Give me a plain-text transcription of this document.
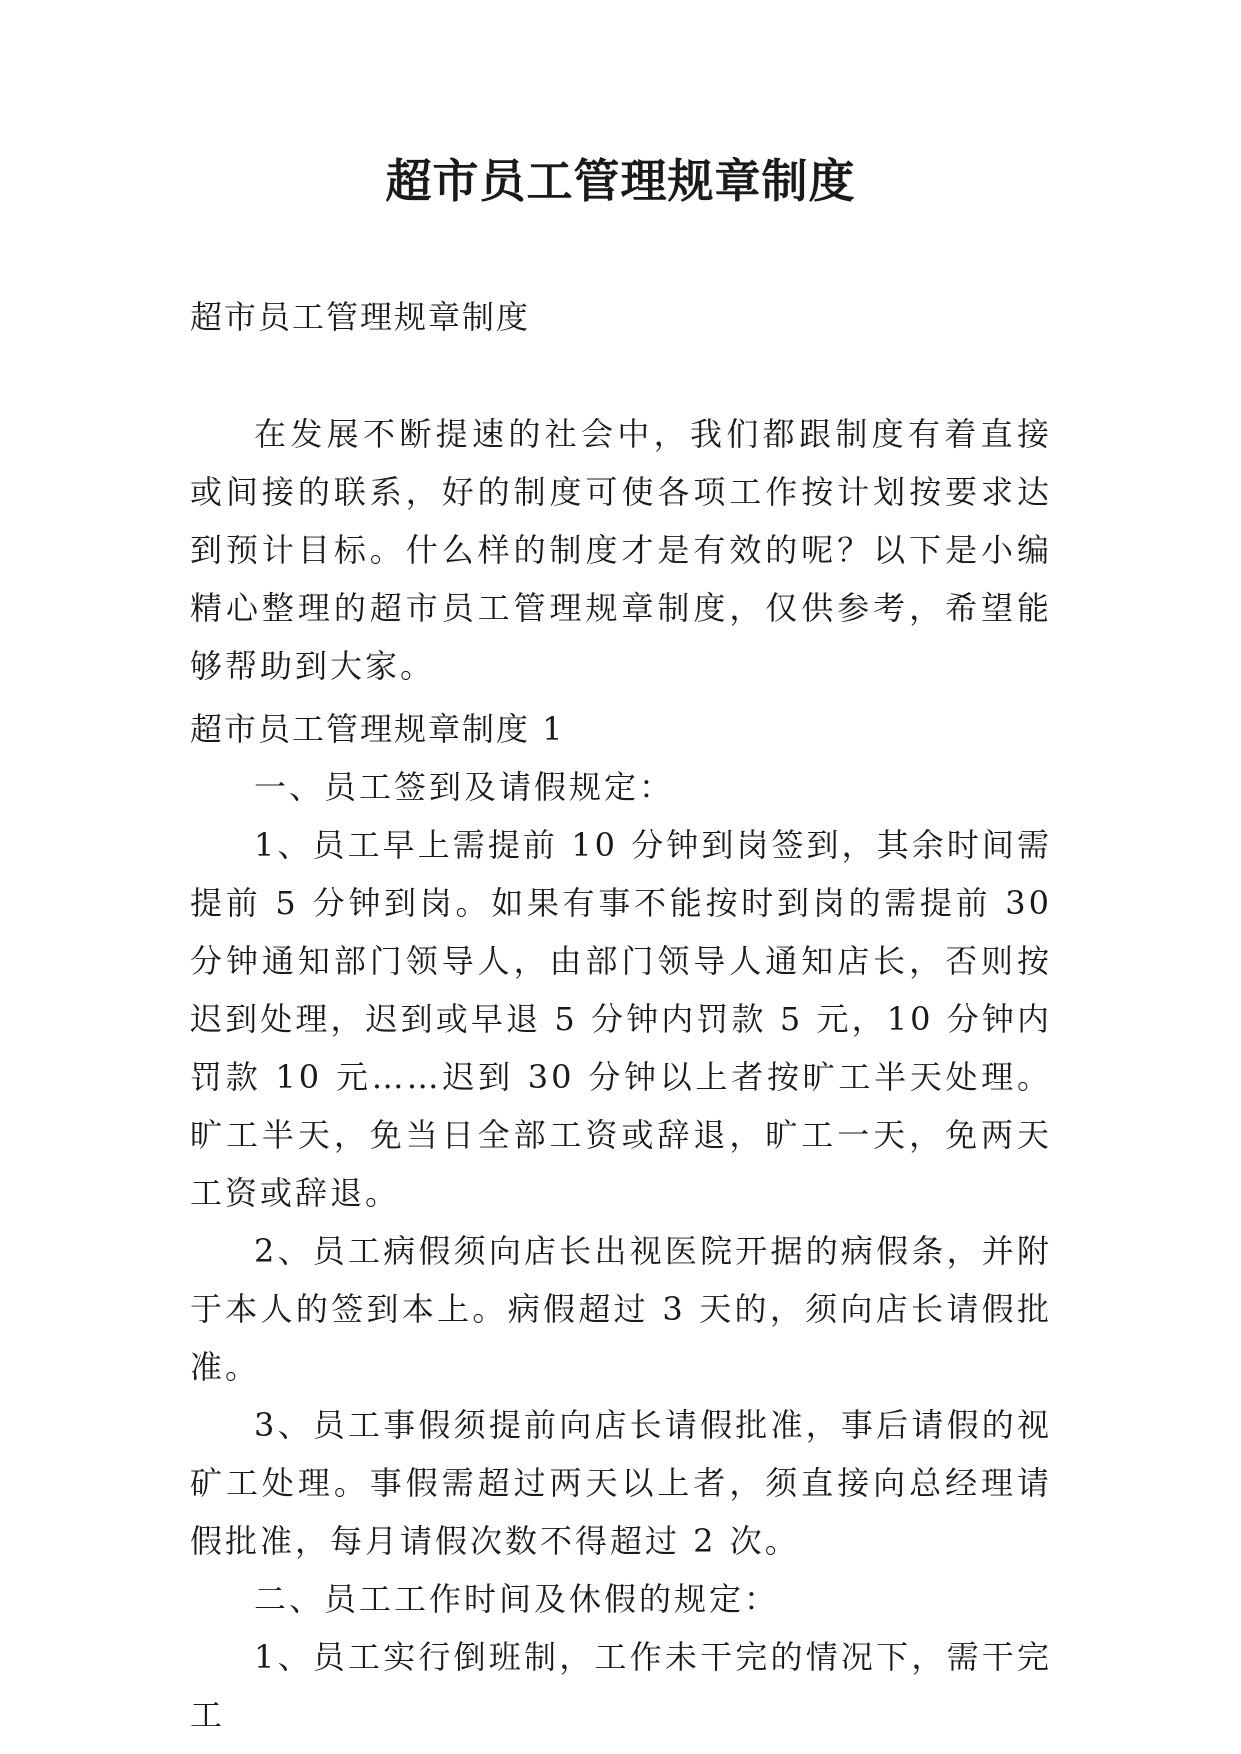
超市员工管理规章制度
超市员工管理规章制度

在发展不断提速的社会中，我们都跟制度有着直接或间接的联系，好的制度可使各项工作按计划按要求达到预计目标。什么样的制度才是有效的呢？以下是小编精心整理的超市员工管理规章制度，仅供参考，希望能够帮助到大家。

超市员工管理规章制度 1

一、员工签到及请假规定：

1、员工早上需提前 10 分钟到岗签到，其余时间需提前 5 分钟到岗。如果有事不能按时到岗的需提前 30 分钟通知部门领导人，由部门领导人通知店长，否则按迟到处理，迟到或早退 5 分钟内罚款 5 元，10 分钟内罚款 10 元……迟到 30 分钟以上者按旷工半天处理。旷工半天，免当日全部工资或辞退，旷工一天，免两天工资或辞退。

2、员工病假须向店长出视医院开据的病假条，并附于本人的签到本上。病假超过 3 天的，须向店长请假批准。

3、员工事假须提前向店长请假批准，事后请假的视矿工处理。事假需超过两天以上者，须直接向总经理请假批准，每月请假次数不得超过 2 次。

二、员工工作时间及休假的规定：

1、员工实行倒班制，工作未干完的情况下，需干完工
